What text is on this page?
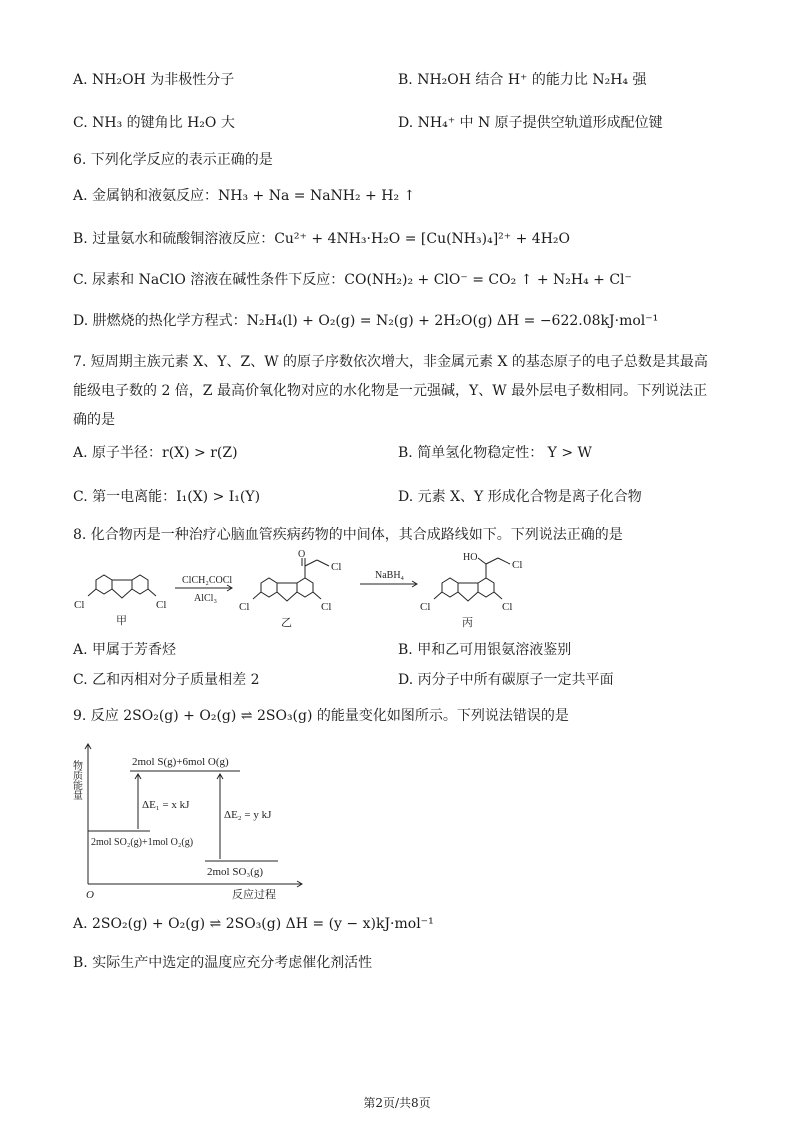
A. NH₂OH 为非极性分子	B. NH₂OH 结合 H⁺ 的能力比 N₂H₄ 强
C. NH₃ 的键角比 H₂O 大	D. NH₄⁺ 中 N 原子提供空轨道形成配位键
6. 下列化学反应的表示正确的是
A. 金属钠和液氨反应：NH₃ + Na = NaNH₂ + H₂ ↑
B. 过量氨水和硫酸铜溶液反应：Cu²⁺ + 4NH₃·H₂O = [Cu(NH₃)₄]²⁺ + 4H₂O
C. 尿素和 NaClO 溶液在碱性条件下反应：CO(NH₂)₂ + ClO⁻ = CO₂ ↑ + N₂H₄ + Cl⁻
D. 肼燃烧的热化学方程式：N₂H₄(l) + O₂(g) = N₂(g) + 2H₂O(g) ΔH = −622.08kJ·mol⁻¹
7. 短周期主族元素 X、Y、Z、W 的原子序数依次增大，非金属元素 X 的基态原子的电子总数是其最高能级电子数的 2 倍，Z 最高价氧化物对应的水化物是一元强碱，Y、W 最外层电子数相同。下列说法正确的是
A. 原子半径：r(X) > r(Z)	B. 简单氢化物稳定性： Y > W
C. 第一电离能：I₁(X) > I₁(Y)	D. 元素 X、Y 形成化合物是离子化合物
8. 化合物丙是一种治疗心脑血管疾病药物的中间体，其合成路线如下。下列说法正确的是
Cl	Cl
甲
ClCH₂COCl
AlCl₃
O
Cl
Cl	Cl
乙
NaBH₄
HO
Cl
Cl	Cl
丙
A. 甲属于芳香烃	B. 甲和乙可用银氨溶液鉴别
C. 乙和丙相对分子质量相差 2	D. 丙分子中所有碳原子一定共平面
9. 反应 2SO₂(g) + O₂(g) ⇌ 2SO₃(g) 的能量变化如图所示。下列说法错误的是
物质能量	2mol S(g)+6mol O(g)
ΔE₁ = x kJ
ΔE₂ = y kJ
2mol SO₂(g)+1mol O₂(g)
2mol SO₃(g)
O	反应过程
A. 2SO₂(g) + O₂(g) ⇌ 2SO₃(g) ΔH = (y − x)kJ·mol⁻¹
B. 实际生产中选定的温度应充分考虑催化剂活性
第2页/共8页
